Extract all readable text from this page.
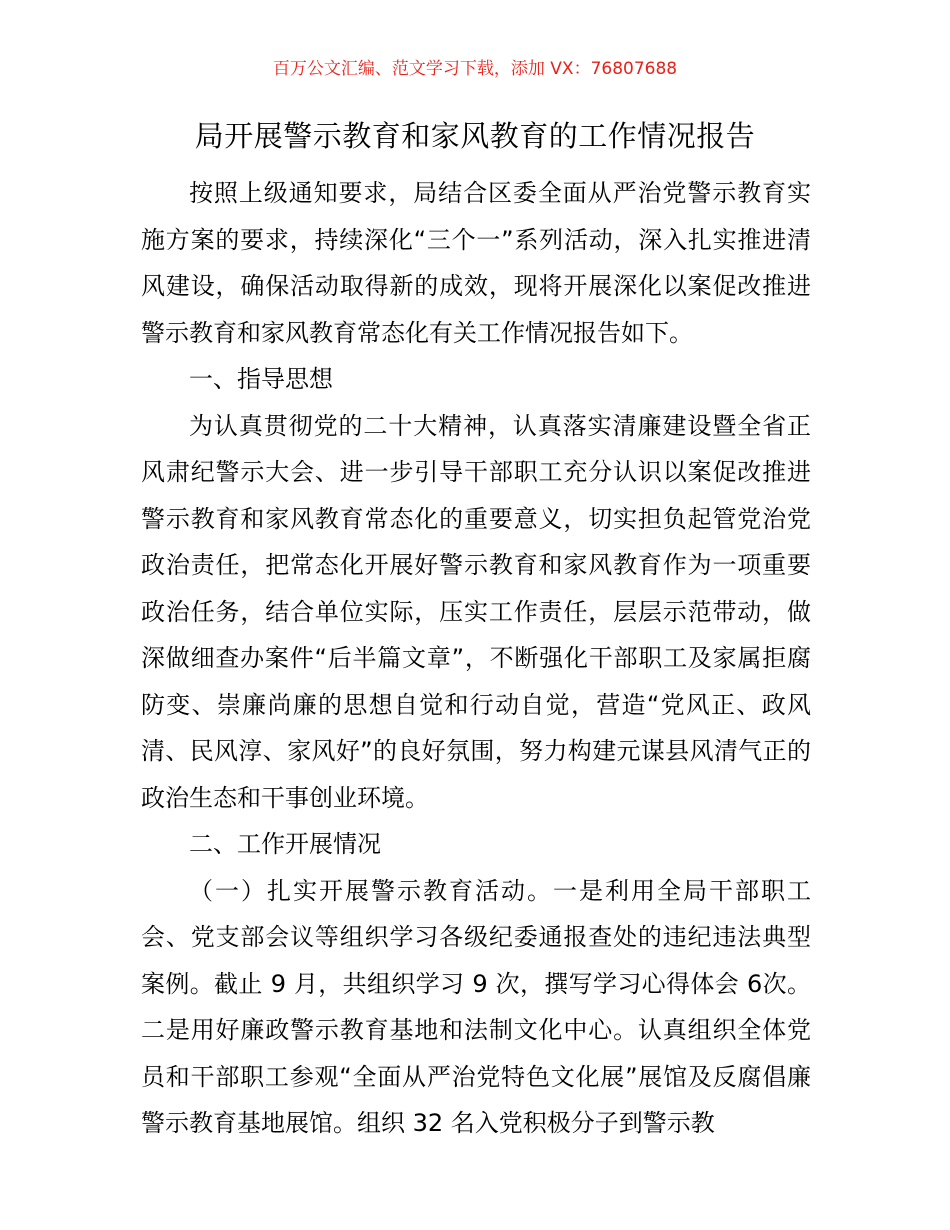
百万公文汇编、范文学习下载，添加 VX：76807688
局开展警示教育和家风教育的工作情况报告

按照上级通知要求，局结合区委全面从严治党警示教育实施方案的要求，持续深化“三个一”系列活动，深入扎实推进清风建设，确保活动取得新的成效，现将开展深化以案促改推进警示教育和家风教育常态化有关工作情况报告如下。

一、指导思想

为认真贯彻党的二十大精神，认真落实清廉建设暨全省正风肃纪警示大会、进一步引导干部职工充分认识以案促改推进警示教育和家风教育常态化的重要意义，切实担负起管党治党政治责任，把常态化开展好警示教育和家风教育作为一项重要政治任务，结合单位实际，压实工作责任，层层示范带动，做深做细查办案件“后半篇文章”，不断强化干部职工及家属拒腐防变、崇廉尚廉的思想自觉和行动自觉，营造“党风正、政风清、民风淳、家风好”的良好氛围，努力构建元谋县风清气正的政治生态和干事创业环境。

二、工作开展情况

（一）扎实开展警示教育活动。一是利用全局干部职工会、党支部会议等组织学习各级纪委通报查处的违纪违法典型案例。截止 9 月，共组织学习 9 次，撰写学习心得体会 6次。二是用好廉政警示教育基地和法制文化中心。认真组织全体党员和干部职工参观“全面从严治党特色文化展”展馆及反腐倡廉警示教育基地展馆。组织 32 名入党积极分子到警示教
